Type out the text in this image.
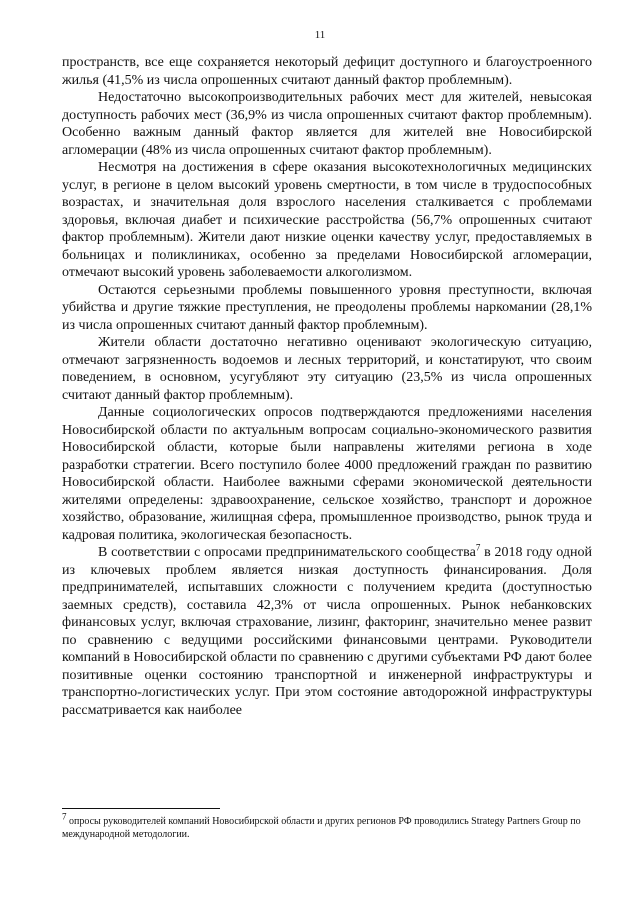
11

пространств, все еще сохраняется некоторый дефицит доступного и благоустроенного жилья (41,5% из числа опрошенных считают данный фактор проблемным).

Недостаточно высокопроизводительных рабочих мест для жителей, невысокая доступность рабочих мест (36,9% из числа опрошенных считают фактор проблемным). Особенно важным данный фактор является для жителей вне Новосибирской агломерации (48% из числа опрошенных считают фактор проблемным).

Несмотря на достижения в сфере оказания высокотехнологичных медицинских услуг, в регионе в целом высокий уровень смертности, в том числе в трудоспособных возрастах, и значительная доля взрослого населения сталкивается с проблемами здоровья, включая диабет и психические расстройства (56,7% опрошенных считают фактор проблемным). Жители дают низкие оценки качеству услуг, предоставляемых в больницах и поликлиниках, особенно за пределами Новосибирской агломерации, отмечают высокий уровень заболеваемости алкоголизмом.

Остаются серьезными проблемы повышенного уровня преступности, включая убийства и другие тяжкие преступления, не преодолены проблемы наркомании (28,1% из числа опрошенных считают данный фактор проблемным).

Жители области достаточно негативно оценивают экологическую ситуацию, отмечают загрязненность водоемов и лесных территорий, и констатируют, что своим поведением, в основном, усугубляют эту ситуацию (23,5% из числа опрошенных считают данный фактор проблемным).

Данные социологических опросов подтверждаются предложениями населения Новосибирской области по актуальным вопросам социально-экономического развития Новосибирской области, которые были направлены жителями региона в ходе разработки стратегии. Всего поступило более 4000 предложений граждан по развитию Новосибирской области. Наиболее важными сферами экономической деятельности жителями определены: здравоохранение, сельское хозяйство, транспорт и дорожное хозяйство, образование, жилищная сфера, промышленное производство, рынок труда и кадровая политика, экологическая безопасность.

В соответствии с опросами предпринимательского сообщества$^7$ в 2018 году одной из ключевых проблем является низкая доступность финансирования. Доля предпринимателей, испытавших сложности с получением кредита (доступностью заемных средств), составила 42,3% от числа опрошенных. Рынок небанковских финансовых услуг, включая страхование, лизинг, факторинг, значительно менее развит по сравнению с ведущими российскими финансовыми центрами. Руководители компаний в Новосибирской области по сравнению с другими субъектами РФ дают более позитивные оценки состоянию транспортной и инженерной инфраструктуры и транспортно-логистических услуг. При этом состояние автодорожной инфраструктуры рассматривается как наиболее

$^7$ опросы руководителей компаний Новосибирской области и других регионов РФ проводились Strategy Partners Group по международной методологии.
